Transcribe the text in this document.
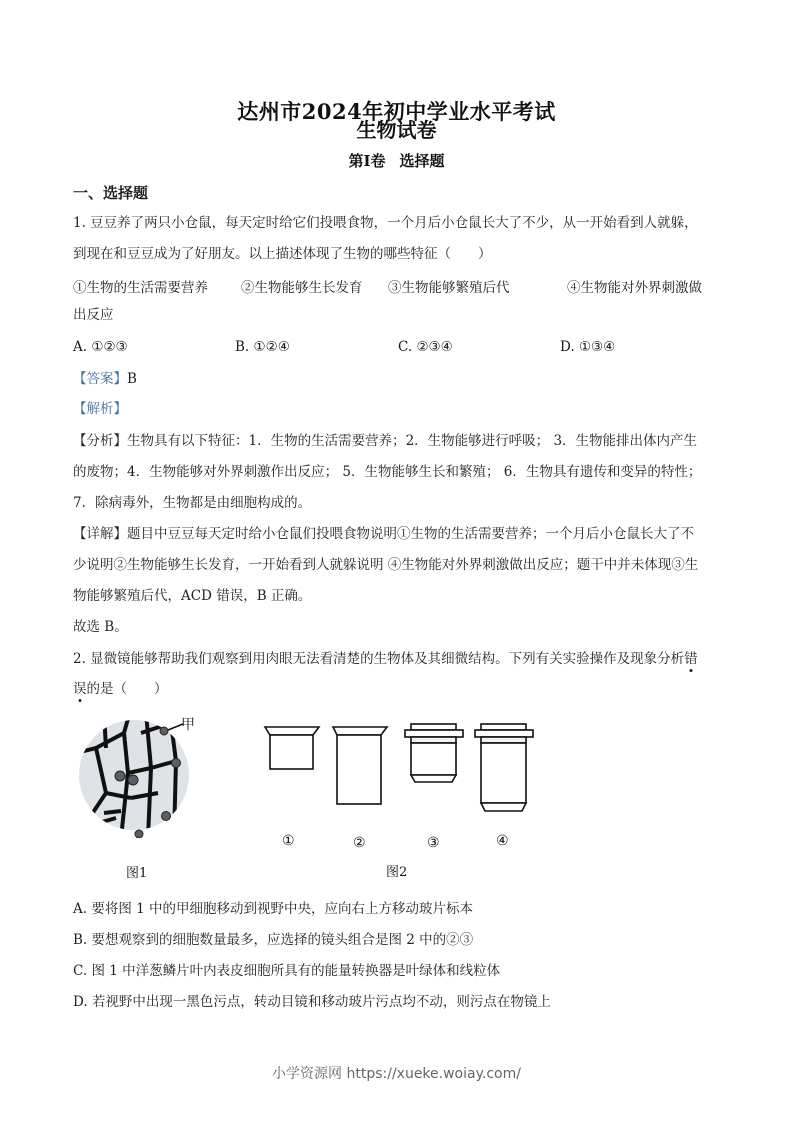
达州市2024年初中学业水平考试
生物试卷
第I卷 选择题
一、选择题
1. 豆豆养了两只小仓鼠，每天定时给它们投喂食物，一个月后小仓鼠长大了不少，从一开始看到人就躲，
到现在和豆豆成为了好朋友。以上描述体现了生物的哪些特征（　　）
①生物的生活需要营养 ②生物能够生长发育 ③生物能够繁殖后代	④生物能对外界刺激做
出反应
A. ①②③	B. ①②④	C. ②③④	D. ①③④
【答案】B
【解析】
【分析】生物具有以下特征：1．生物的生活需要营养；2．生物能够进行呼吸； 3．生物能排出体内产生
的废物；4．生物能够对外界刺激作出反应； 5．生物能够生长和繁殖； 6．生物具有遗传和变异的特性；
7．除病毒外，生物都是由细胞构成的。
【详解】题目中豆豆每天定时给小仓鼠们投喂食物说明①生物的生活需要营养；一个月后小仓鼠长大了不
少说明②生物能够生长发育，一开始看到人就躲说明 ④生物能对外界刺激做出反应；题干中并未体现③生
物能够繁殖后代，ACD 错误，B 正确。
故选 B。
2. 显微镜能够帮助我们观察到用肉眼无法看清楚的生物体及其细微结构。下列有关实验操作及现象分析错
误的是（　　）
甲
图1
①	②	③	④
图2
A. 要将图 1 中的甲细胞移动到视野中央，应向右上方移动玻片标本
B. 要想观察到的细胞数量最多，应选择的镜头组合是图 2 中的②③
C. 图 1 中洋葱鳞片叶内表皮细胞所具有的能量转换器是叶绿体和线粒体
D. 若视野中出现一黑色污点，转动目镜和移动玻片污点均不动，则污点在物镜上
小学资源网 https://xueke.woiay.com/
